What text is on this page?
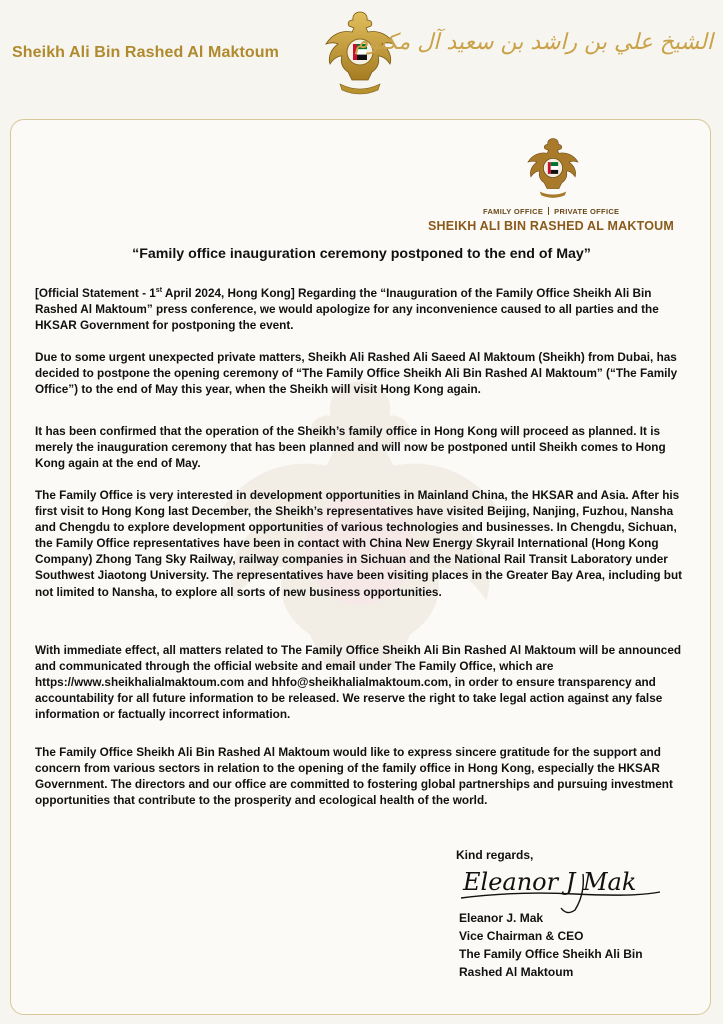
Sheikh Ali Bin Rashed Al Maktoum	الشيخ علي بن راشد بن سعيد آل مكتوم
FAMILY OFFICE PRIVATE OFFICE
SHEIKH ALI BIN RASHED AL MAKTOUM
“Family office inauguration ceremony postponed to the end of May”

[Official Statement - 1st April 2024, Hong Kong] Regarding the “Inauguration of the Family Office Sheikh Ali Bin Rashed Al Maktoum” press conference, we would apologize for any inconvenience caused to all parties and the HKSAR Government for postponing the event.

Due to some urgent unexpected private matters, Sheikh Ali Rashed Ali Saeed Al Maktoum (Sheikh) from Dubai, has decided to postpone the opening ceremony of “The Family Office Sheikh Ali Bin Rashed Al Maktoum” (“The Family Office”) to the end of May this year, when the Sheikh will visit Hong Kong again.

It has been confirmed that the operation of the Sheikh’s family office in Hong Kong will proceed as planned. It is merely the inauguration ceremony that has been planned and will now be postponed until Sheikh comes to Hong Kong again at the end of May.

The Family Office is very interested in development opportunities in Mainland China, the HKSAR and Asia. After his first visit to Hong Kong last December, the Sheikh’s representatives have visited Beijing, Nanjing, Fuzhou, Nansha and Chengdu to explore development opportunities of various technologies and businesses. In Chengdu, Sichuan, the Family Office representatives have been in contact with China New Energy Skyrail International (Hong Kong Company) Zhong Tang Sky Railway, railway companies in Sichuan and the National Rail Transit Laboratory under Southwest Jiaotong University. The representatives have been visiting places in the Greater Bay Area, including but not limited to Nansha, to explore all sorts of new business opportunities.

With immediate effect, all matters related to The Family Office Sheikh Ali Bin Rashed Al Maktoum will be announced and communicated through the official website and email under The Family Office, which are https://www.sheikhalialmaktoum.com and hhfo@sheikhalialmaktoum.com, in order to ensure transparency and accountability for all future information to be released. We reserve the right to take legal action against any false information or factually incorrect information.

The Family Office Sheikh Ali Bin Rashed Al Maktoum would like to express sincere gratitude for the support and concern from various sectors in relation to the opening of the family office in Hong Kong, especially the HKSAR Government. The directors and our office are committed to fostering global partnerships and pursuing investment opportunities that contribute to the prosperity and ecological health of the world.

Kind regards,
Eleanor J Mak
Eleanor J. Mak
Vice Chairman & CEO
The Family Office Sheikh Ali Bin
Rashed Al Maktoum
